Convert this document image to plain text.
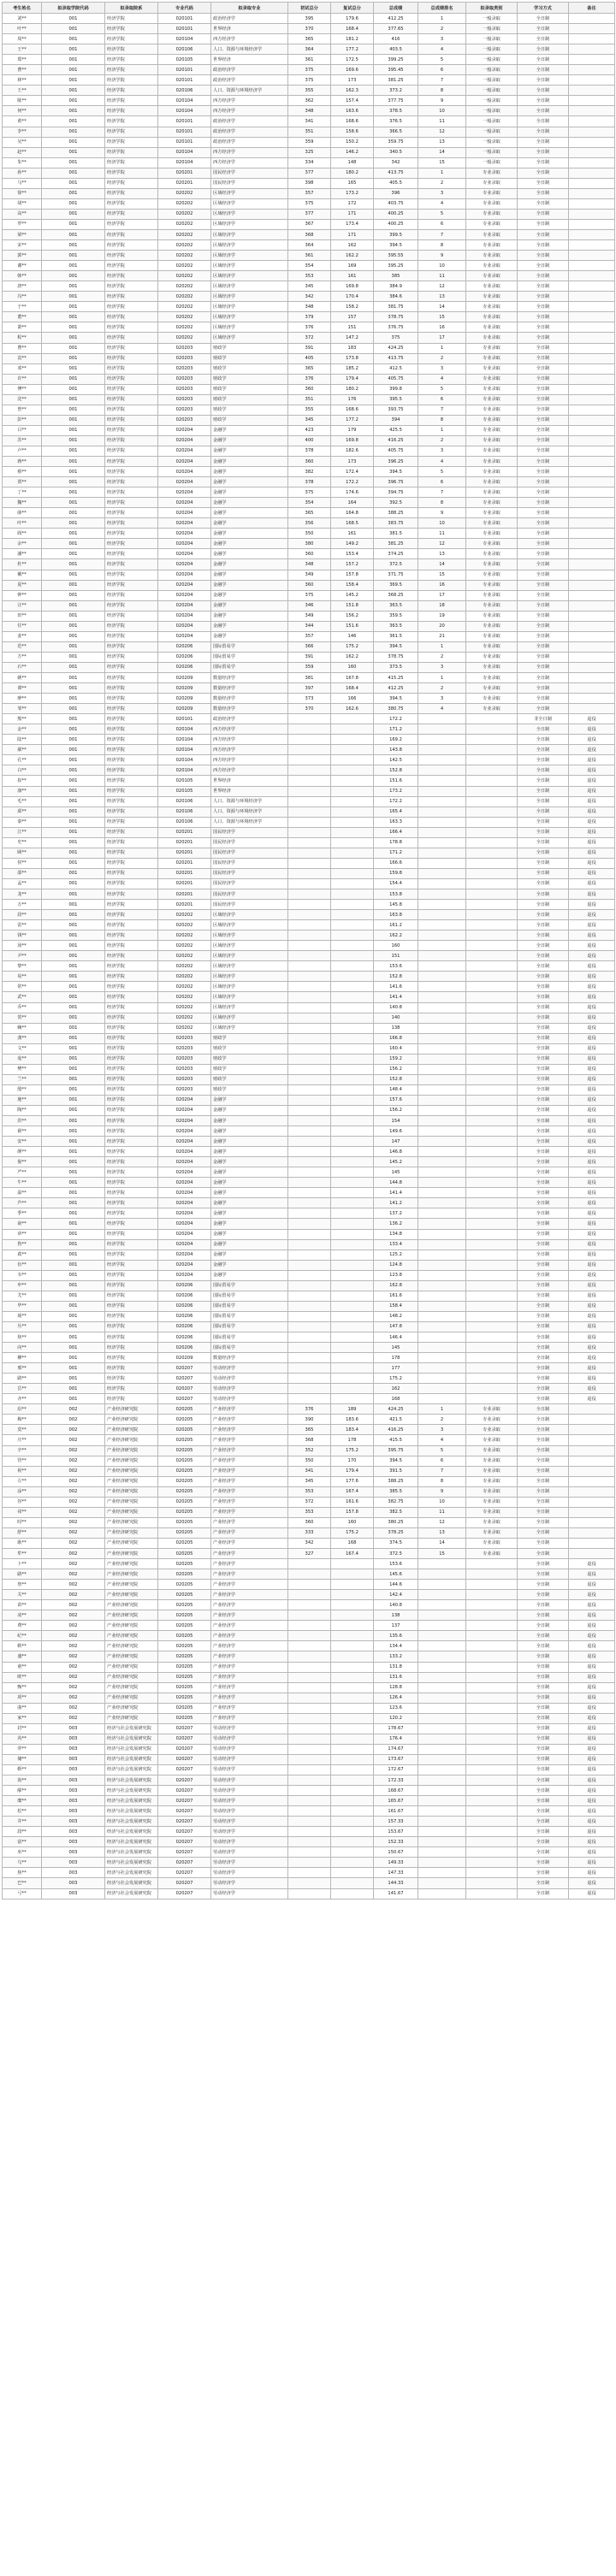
考生姓名	拟录取学院代码	拟录取院系	专业代码	拟录取专业	初试总分	复试总分	总成绩	总成绩排名	拟录取类别	学习方式	备注
刘**	001	经济学院	020101	政治经济学	395	179.6	412.25	1	一般录取	全日制	
叶**	001	经济学院	020101	世界经济	370	168.4	377.65	2	一般录取	全日制	
周**	001	经济学院	020104	西方经济学	365	181.2	416	3	一般录取	全日制	
王**	001	经济学院	020106	人口、资源与环境经济学	364	177.2	403.5	4	一般录取	全日制	
郑**	001	经济学院	020105	世界经济	361	172.5	399.25	5	一般录取	全日制	
曹**	001	经济学院	020101	政治经济学	375	169.6	395.45	6	一般录取	全日制	
林**	001	经济学院	020101	政治经济学	375	173	381.25	7	一般录取	全日制	
王**	001	经济学院	020106	人口、资源与环境经济学	355	162.3	373.2	8	一般录取	全日制	
陈**	001	经济学院	020104	西方经济学	362	157.4	377.75	9	一般录取	全日制	
何**	001	经济学院	020104	西方经济学	348	163.6	378.5	10	一般录取	全日制	
黄**	001	经济学院	020101	政治经济学	341	168.6	376.5	11	一般录取	全日制	
李**	001	经济学院	020101	政治经济学	351	158.6	366.5	12	一般录取	全日制	
吴**	001	经济学院	020101	政治经济学	359	150.2	359.75	13	一般录取	全日制	
赵**	001	经济学院	020104	西方经济学	325	146.2	340.5	14	一般录取	全日制	
朱**	001	经济学院	020104	西方经济学	334	148	342	15	一般录取	全日制	
孙**	001	经济学院	020201	国民经济学	377	180.2	413.75	1	专业录取	全日制	
马**	001	经济学院	020201	国民经济学	398	165	405.5	2	专业录取	全日制	
徐**	001	经济学院	020202	区域经济学	357	173.2	396	3	专业录取	全日制	
胡**	001	经济学院	020202	区域经济学	375	172	403.75	4	专业录取	全日制	
高**	001	经济学院	020202	区域经济学	377	171	400.25	5	专业录取	全日制	
罗**	001	经济学院	020202	区域经济学	367	173.4	400.25	6	专业录取	全日制	
梁**	001	经济学院	020202	区域经济学	368	171	399.5	7	专业录取	全日制	
宋**	001	经济学院	020202	区域经济学	364	162	394.5	8	专业录取	全日制	
郭**	001	经济学院	020202	区域经济学	361	162.2	395.55	9	专业录取	全日制	
谢**	001	经济学院	020202	区域经济学	354	169	395.25	10	专业录取	全日制	
韩**	001	经济学院	020202	区域经济学	353	161	385	11	专业录取	全日制	
唐**	001	经济学院	020202	区域经济学	345	169.8	384.9	12	专业录取	全日制	
冯**	001	经济学院	020202	区域经济学	342	170.4	384.6	13	专业录取	全日制	
于**	001	经济学院	020202	区域经济学	348	158.2	381.75	14	专业录取	全日制	
董**	001	经济学院	020202	区域经济学	379	157	378.75	15	专业录取	全日制	
萧**	001	经济学院	020202	区域经济学	376	151	376.75	16	专业录取	全日制	
程**	001	经济学院	020202	区域经济学	372	147.2	375	17	专业录取	全日制	
曹**	001	经济学院	020203	财政学	391	183	424.25	1	专业录取	全日制	
袁**	001	经济学院	020203	财政学	405	173.8	413.75	2	专业录取	全日制	
邓**	001	经济学院	020203	财政学	365	185.2	412.5	3	专业录取	全日制	
许**	001	经济学院	020203	财政学	376	179.4	405.75	4	专业录取	全日制	
傅**	001	经济学院	020203	财政学	360	180.2	399.8	5	专业录取	全日制	
沈**	001	经济学院	020203	财政学	351	176	395.5	6	专业录取	全日制	
曾**	001	经济学院	020203	财政学	355	168.6	393.75	7	专业录取	全日制	
彭**	001	经济学院	020203	财政学	345	177.2	394	8	专业录取	全日制	
吕**	001	经济学院	020204	金融学	423	179	425.5	1	专业录取	全日制	
苏**	001	经济学院	020204	金融学	400	169.8	416.25	2	专业录取	全日制	
卢**	001	经济学院	020204	金融学	378	182.6	405.75	3	专业录取	全日制	
蒋**	001	经济学院	020204	金融学	360	173	396.25	4	专业录取	全日制	
蔡**	001	经济学院	020204	金融学	382	172.4	394.5	5	专业录取	全日制	
贾**	001	经济学院	020204	金融学	378	172.2	396.75	6	专业录取	全日制	
丁**	001	经济学院	020204	金融学	375	174.6	394.75	7	专业录取	全日制	
魏**	001	经济学院	020204	金融学	354	164	392.5	8	专业录取	全日制	
薛**	001	经济学院	020204	金融学	365	164.8	388.25	9	专业录取	全日制	
叶**	001	经济学院	020204	金融学	356	168.5	383.75	10	专业录取	全日制	
阎**	001	经济学院	020204	金融学	350	161	381.5	11	专业录取	全日制	
余**	001	经济学院	020204	金融学	380	149.2	381.25	12	专业录取	全日制	
潘**	001	经济学院	020204	金融学	360	153.4	374.25	13	专业录取	全日制	
杜**	001	经济学院	020204	金融学	348	157.2	372.5	14	专业录取	全日制	
戴**	001	经济学院	020204	金融学	349	157.8	371.75	15	专业录取	全日制	
夏**	001	经济学院	020204	金融学	360	158.4	369.5	16	专业录取	全日制	
钟**	001	经济学院	020204	金融学	375	145.2	368.25	17	专业录取	全日制	
汪**	001	经济学院	020204	金融学	346	151.8	363.5	18	专业录取	全日制	
田**	001	经济学院	020204	金融学	349	156.2	359.5	19	专业录取	全日制	
任**	001	经济学院	020204	金融学	344	151.6	363.5	20	专业录取	全日制	
姜**	001	经济学院	020204	金融学	357	146	361.5	21	专业录取	全日制	
范**	001	经济学院	020206	国际贸易学	366	175.2	394.5	1	专业录取	全日制	
方**	001	经济学院	020206	国际贸易学	391	162.2	378.75	2	专业录取	全日制	
石**	001	经济学院	020206	国际贸易学	359	160	373.5	3	专业录取	全日制	
姚**	001	经济学院	020209	数量经济学	381	167.8	415.25	1	专业录取	全日制	
谭**	001	经济学院	020209	数量经济学	397	168.4	412.25	2	专业录取	全日制	
廖**	001	经济学院	020209	数量经济学	373	166	394.5	3	专业录取	全日制	
邹**	001	经济学院	020209	数量经济学	370	162.6	380.75	4	专业录取	全日制	
熊**	001	经济学院	020101	政治经济学			172.2			非全日制	退役
金**	001	经济学院	020104	西方经济学			171.2			全日制	退役
陆**	001	经济学院	020104	西方经济学			169.2			全日制	退役
郝**	001	经济学院	020104	西方经济学			143.8			全日制	退役
孔**	001	经济学院	020104	西方经济学			142.5			全日制	退役
白**	001	经济学院	020104	西方经济学			152.8			全日制	退役
崔**	001	经济学院	020105	世界经济			151.6			全日制	退役
康**	001	经济学院	020105	世界经济			173.2			全日制	退役
毛**	001	经济学院	020106	人口、资源与环境经济学			172.2			全日制	退役
邱**	001	经济学院	020106	人口、资源与环境经济学			165.4			全日制	退役
秦**	001	经济学院	020106	人口、资源与环境经济学			163.3			全日制	退役
江**	001	经济学院	020201	国民经济学			166.4			全日制	退役
史**	001	经济学院	020201	国民经济学			178.8			全日制	退役
顾**	001	经济学院	020201	国民经济学			171.2			全日制	退役
侯**	001	经济学院	020201	国民经济学			166.6			全日制	退役
邵**	001	经济学院	020201	国民经济学			159.8			全日制	退役
孟**	001	经济学院	020201	国民经济学			154.4			全日制	退役
龙**	001	经济学院	020201	国民经济学			153.8			全日制	退役
万**	001	经济学院	020201	国民经济学			145.8			全日制	退役
段**	001	经济学院	020202	区域经济学			163.8			全日制	退役
雷**	001	经济学院	020202	区域经济学			161.2			全日制	退役
钱**	001	经济学院	020202	区域经济学			162.2			全日制	退役
汤**	001	经济学院	020202	区域经济学			160			全日制	退役
尹**	001	经济学院	020202	区域经济学			151			全日制	退役
黎**	001	经济学院	020202	区域经济学			153.6			全日制	退役
易**	001	经济学院	020202	区域经济学			152.8			全日制	退役
常**	001	经济学院	020202	区域经济学			141.6			全日制	退役
武**	001	经济学院	020202	区域经济学			141.4			全日制	退役
乔**	001	经济学院	020202	区域经济学			140.8			全日制	退役
贺**	001	经济学院	020202	区域经济学			140			全日制	退役
赖**	001	经济学院	020202	区域经济学			138			全日制	退役
龚**	001	经济学院	020203	财政学			166.8			全日制	退役
文**	001	经济学院	020203	财政学			160.4			全日制	退役
庞**	001	经济学院	020203	财政学			159.2			全日制	退役
樊**	001	经济学院	020203	财政学			156.2			全日制	退役
兰**	001	经济学院	020203	财政学			152.8			全日制	退役
殷**	001	经济学院	020203	财政学			148.4			全日制	退役
施**	001	经济学院	020204	金融学			157.6			全日制	退役
陶**	001	经济学院	020204	金融学			156.2			全日制	退役
洪**	001	经济学院	020204	金融学			154			全日制	退役
翟**	001	经济学院	020204	金融学			149.6			全日制	退役
安**	001	经济学院	020204	金融学			147			全日制	退役
颜**	001	经济学院	020204	金融学			146.8			全日制	退役
倪**	001	经济学院	020204	金融学			145.2			全日制	退役
严**	001	经济学院	020204	金融学			145			全日制	退役
牛**	001	经济学院	020204	金融学			144.8			全日制	退役
温**	001	经济学院	020204	金融学			141.4			全日制	退役
芦**	001	经济学院	020204	金融学			141.2			全日制	退役
季**	001	经济学院	020204	金融学			137.2			全日制	退役
俞**	001	经济学院	020204	金融学			136.2			全日制	退役
章**	001	经济学院	020204	金融学			134.8			全日制	退役
鲁**	001	经济学院	020204	金融学			133.4			全日制	退役
葛**	001	经济学院	020204	金融学			125.2			全日制	退役
伍**	001	经济学院	020204	金融学			124.8			全日制	退役
韦**	001	经济学院	020204	金融学			123.8			全日制	退役
申**	001	经济学院	020206	国际贸易学			162.8			全日制	退役
尤**	001	经济学院	020206	国际贸易学			161.6			全日制	退役
毕**	001	经济学院	020206	国际贸易学			158.4			全日制	退役
聂**	001	经济学院	020206	国际贸易学			148.2			全日制	退役
丛**	001	经济学院	020206	国际贸易学			147.8			全日制	退役
焦**	001	经济学院	020206	国际贸易学			146.4			全日制	退役
向**	001	经济学院	020206	国际贸易学			145			全日制	退役
柳**	001	经济学院	020209	数量经济学			178			全日制	退役
邢**	001	经济学院	020207	劳动经济学			177			全日制	退役
路**	001	经济学院	020207	劳动经济学			175.2			全日制	退役
岳**	001	经济学院	020207	劳动经济学			162			全日制	退役
齐**	001	经济学院	020207	劳动经济学			168			全日制	退役
沿**	002	产业经济研究院	020205	产业经济学	376	189	424.25	1	专业录取	全日制	
梅**	002	产业经济研究院	020205	产业经济学	390	183.6	421.5	2	专业录取	全日制	
莫**	002	产业经济研究院	020205	产业经济学	365	183.4	416.25	3	专业录取	全日制	
庄**	002	产业经济研究院	020205	产业经济学	368	178	415.5	4	专业录取	全日制	
辛**	002	产业经济研究院	020205	产业经济学	352	175.2	395.75	5	专业录取	全日制	
管**	002	产业经济研究院	020205	产业经济学	350	170	394.5	6	专业录取	全日制	
祝**	002	产业经济研究院	020205	产业经济学	341	179.4	391.5	7	专业录取	全日制	
左**	002	产业经济研究院	020205	产业经济学	345	177.6	388.25	8	专业录取	全日制	
涂**	002	产业经济研究院	020205	产业经济学	353	167.4	385.5	9	专业录取	全日制	
谷**	002	产业经济研究院	020205	产业经济学	372	161.6	382.75	10	专业录取	全日制	
祁**	002	产业经济研究院	020205	产业经济学	353	157.8	382.5	11	专业录取	全日制	
时**	002	产业经济研究院	020205	产业经济学	360	160	380.25	12	专业录取	全日制	
舒**	002	产业经济研究院	020205	产业经济学	333	175.2	378.25	13	专业录取	全日制	
耿**	002	产业经济研究院	020205	产业经济学	342	168	374.5	14	专业录取	全日制	
牟**	002	产业经济研究院	020205	产业经济学	327	167.4	372.5	15	专业录取	全日制	
卜**	002	产业经济研究院	020205	产业经济学			153.6			全日制	退役
路**	002	产业经济研究院	020205	产业经济学			145.6			全日制	退役
詹**	002	产业经济研究院	020205	产业经济学			144.6			全日制	退役
关**	002	产业经济研究院	020205	产业经济学			142.4			全日制	退役
苗**	002	产业经济研究院	020205	产业经济学			140.8			全日制	退役
凌**	002	产业经济研究院	020205	产业经济学			138			全日制	退役
费**	002	产业经济研究院	020205	产业经济学			137			全日制	退役
纪**	002	产业经济研究院	020205	产业经济学			135.6			全日制	退役
靳**	002	产业经济研究院	020205	产业经济学			134.4			全日制	退役
盛**	002	产业经济研究院	020205	产业经济学			133.2			全日制	退役
童**	002	产业经济研究院	020205	产业经济学			131.8			全日制	退役
欧**	002	产业经济研究院	020205	产业经济学			131.6			全日制	退役
甄**	002	产业经济研究院	020205	产业经济学			128.8			全日制	退役
项**	002	产业经济研究院	020205	产业经济学			126.4			全日制	退役
曲**	002	产业经济研究院	020205	产业经济学			123.6			全日制	退役
家**	002	产业经济研究院	020205	产业经济学			120.2			全日制	退役
封**	003	经济与社会发展研究院	020207	劳动经济学			178.67			全日制	退役
芮**	003	经济与社会发展研究院	020207	劳动经济学			176.4			全日制	退役
羿**	003	经济与社会发展研究院	020207	劳动经济学			174.67			全日制	退役
储**	003	经济与社会发展研究院	020207	劳动经济学			173.67			全日制	退役
靳**	003	经济与社会发展研究院	020207	劳动经济学			172.67			全日制	退役
汲**	003	经济与社会发展研究院	020207	劳动经济学			172.33			全日制	退役
邴**	003	经济与社会发展研究院	020207	劳动经济学			168.67			全日制	退役
糜**	003	经济与社会发展研究院	020207	劳动经济学			165.67			全日制	退役
松**	003	经济与社会发展研究院	020207	劳动经济学			161.67			全日制	退役
井**	003	经济与社会发展研究院	020207	劳动经济学			157.33			全日制	退役
段**	003	经济与社会发展研究院	020207	劳动经济学			153.67			全日制	退役
富**	003	经济与社会发展研究院	020207	劳动经济学			152.33			全日制	退役
巫**	003	经济与社会发展研究院	020207	劳动经济学			150.67			全日制	退役
乌**	003	经济与社会发展研究院	020207	劳动经济学			149.33			全日制	退役
焦**	003	经济与社会发展研究院	020207	劳动经济学			147.33			全日制	退役
巴**	003	经济与社会发展研究院	020207	劳动经济学			144.33			全日制	退役
弓**	003	经济与社会发展研究院	020207	劳动经济学			141.67			全日制	退役
